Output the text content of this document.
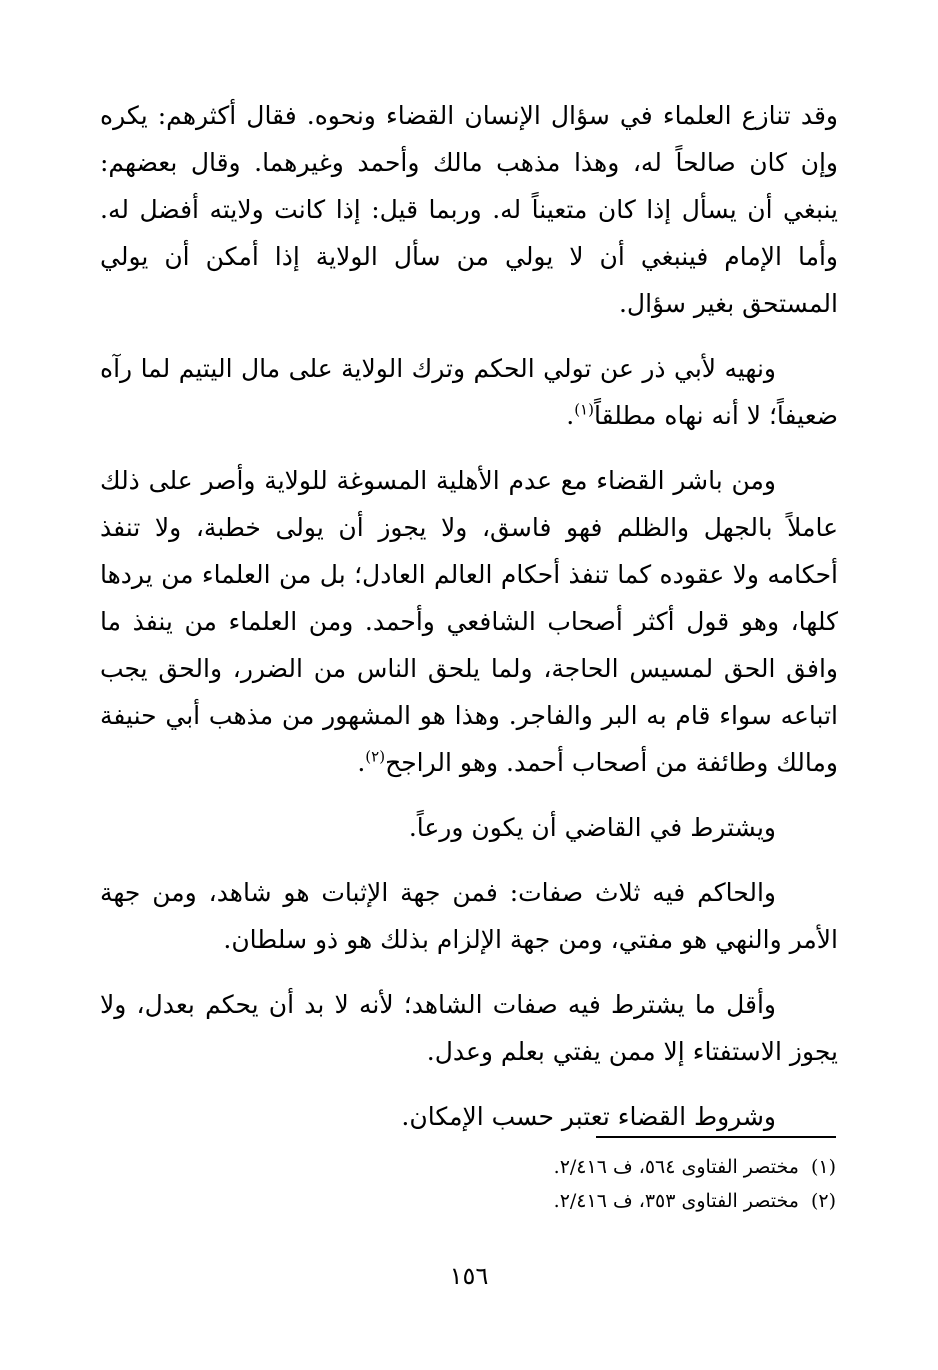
وقد تنازع العلماء في سؤال الإنسان القضاء ونحوه. فقال أكثرهم: يكره وإن كان صالحاً له، وهذا مذهب مالك وأحمد وغيرهما. وقال بعضهم: ينبغي أن يسأل إذا كان متعيناً له. وربما قيل: إذا كانت ولايته أفضل له. وأما الإمام فينبغي أن لا يولي من سأل الولاية إذا أمكن أن يولي المستحق بغير سؤال.

ونهيه لأبي ذر عن تولي الحكم وترك الولاية على مال اليتيم لما رآه ضعيفاً؛ لا أنه نهاه مطلقاً$^{(١)}$.

ومن باشر القضاء مع عدم الأهلية المسوغة للولاية وأصر على ذلك عاملاً بالجهل والظلم فهو فاسق، ولا يجوز أن يولى خطبة، ولا تنفذ أحكامه ولا عقوده كما تنفذ أحكام العالم العادل؛ بل من العلماء من يردها كلها، وهو قول أكثر أصحاب الشافعي وأحمد. ومن العلماء من ينفذ ما وافق الحق لمسيس الحاجة، ولما يلحق الناس من الضرر، والحق يجب اتباعه سواء قام به البر والفاجر. وهذا هو المشهور من مذهب أبي حنيفة ومالك وطائفة من أصحاب أحمد. وهو الراجح$^{(٢)}$.

ويشترط في القاضي أن يكون ورعاً.

والحاكم فيه ثلاث صفات: فمن جهة الإثبات هو شاهد، ومن جهة الأمر والنهي هو مفتي، ومن جهة الإلزام بذلك هو ذو سلطان.

وأقل ما يشترط فيه صفات الشاهد؛ لأنه لا بد أن يحكم بعدل، ولا يجوز الاستفتاء إلا ممن يفتي بعلم وعدل.

وشروط القضاء تعتبر حسب الإمكان.

(١)مختصر الفتاوى ٥٦٤، ف ٢/٤١٦.

(٢)مختصر الفتاوى ٣٥٣، ف ٢/٤١٦.

١٥٦
